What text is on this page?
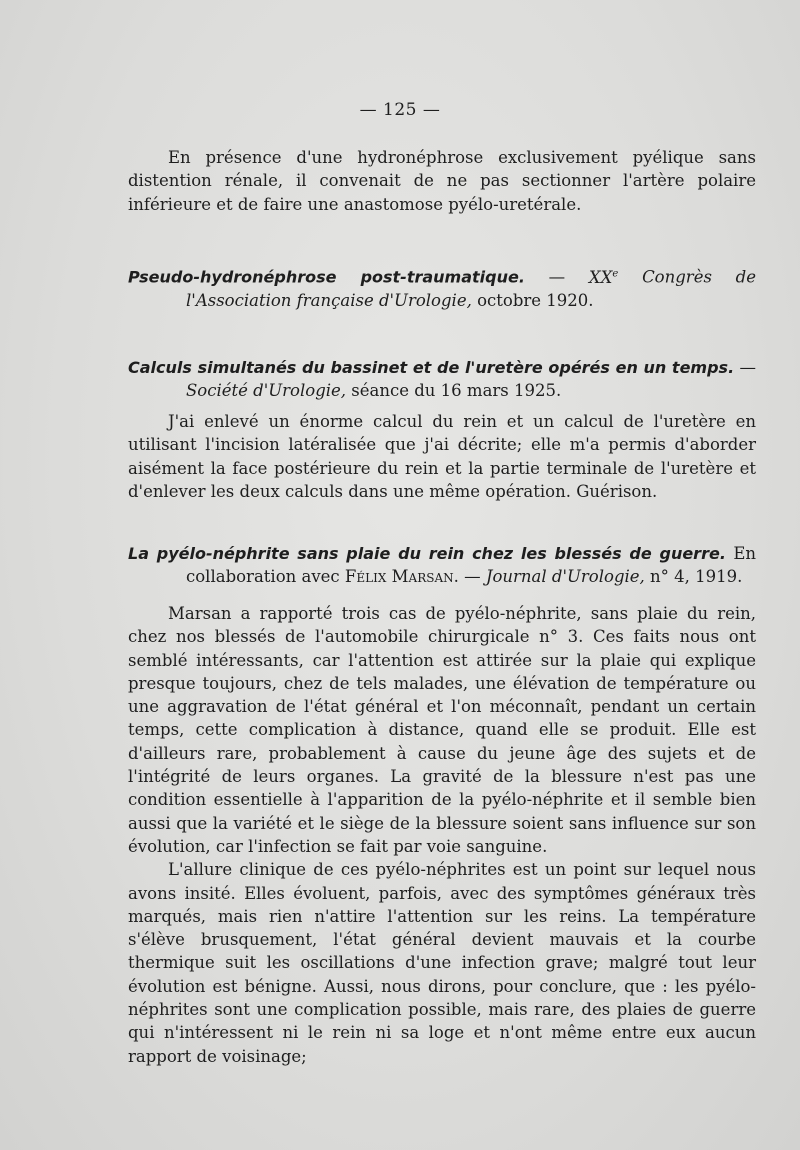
— 125 —

En présence d'une hydronéphrose exclusivement pyélique sans distention rénale, il convenait de ne pas sectionner l'artère polaire inférieure et de faire une anastomose pyélo-uretérale.

Pseudo-hydronéphrose post-traumatique. — XXe Congrès de l'Association française d'Urologie, octobre 1920.

Calculs simultanés du bassinet et de l'uretère opérés en un temps. — Société d'Urologie, séance du 16 mars 1925.

J'ai enlevé un énorme calcul du rein et un calcul de l'uretère en utilisant l'incision latéralisée que j'ai décrite; elle m'a permis d'aborder aisément la face postérieure du rein et la partie terminale de l'uretère et d'enlever les deux calculs dans une même opération. Guérison.

La pyélo-néphrite sans plaie du rein chez les blessés de guerre. En collaboration avec Félix Marsan. — Journal d'Urologie, n° 4, 1919.

Marsan a rapporté trois cas de pyélo-néphrite, sans plaie du rein, chez nos blessés de l'automobile chirurgicale n° 3. Ces faits nous ont semblé intéressants, car l'attention est attirée sur la plaie qui explique presque toujours, chez de tels malades, une élévation de température ou une aggravation de l'état général et l'on méconnaît, pendant un certain temps, cette complication à distance, quand elle se produit. Elle est d'ailleurs rare, probablement à cause du jeune âge des sujets et de l'intégrité de leurs organes. La gravité de la blessure n'est pas une condition essentielle à l'apparition de la pyélo-néphrite et il semble bien aussi que la variété et le siège de la blessure soient sans influence sur son évolution, car l'infection se fait par voie sanguine.

L'allure clinique de ces pyélo-néphrites est un point sur lequel nous avons insité. Elles évoluent, parfois, avec des symptômes généraux très marqués, mais rien n'attire l'attention sur les reins. La température s'élève brusquement, l'état général devient mauvais et la courbe thermique suit les oscillations d'une infection grave; malgré tout leur évolution est bénigne. Aussi, nous dirons, pour conclure, que : les pyélo-néphrites sont une complication possible, mais rare, des plaies de guerre qui n'intéressent ni le rein ni sa loge et n'ont même entre eux aucun rapport de voisinage;
